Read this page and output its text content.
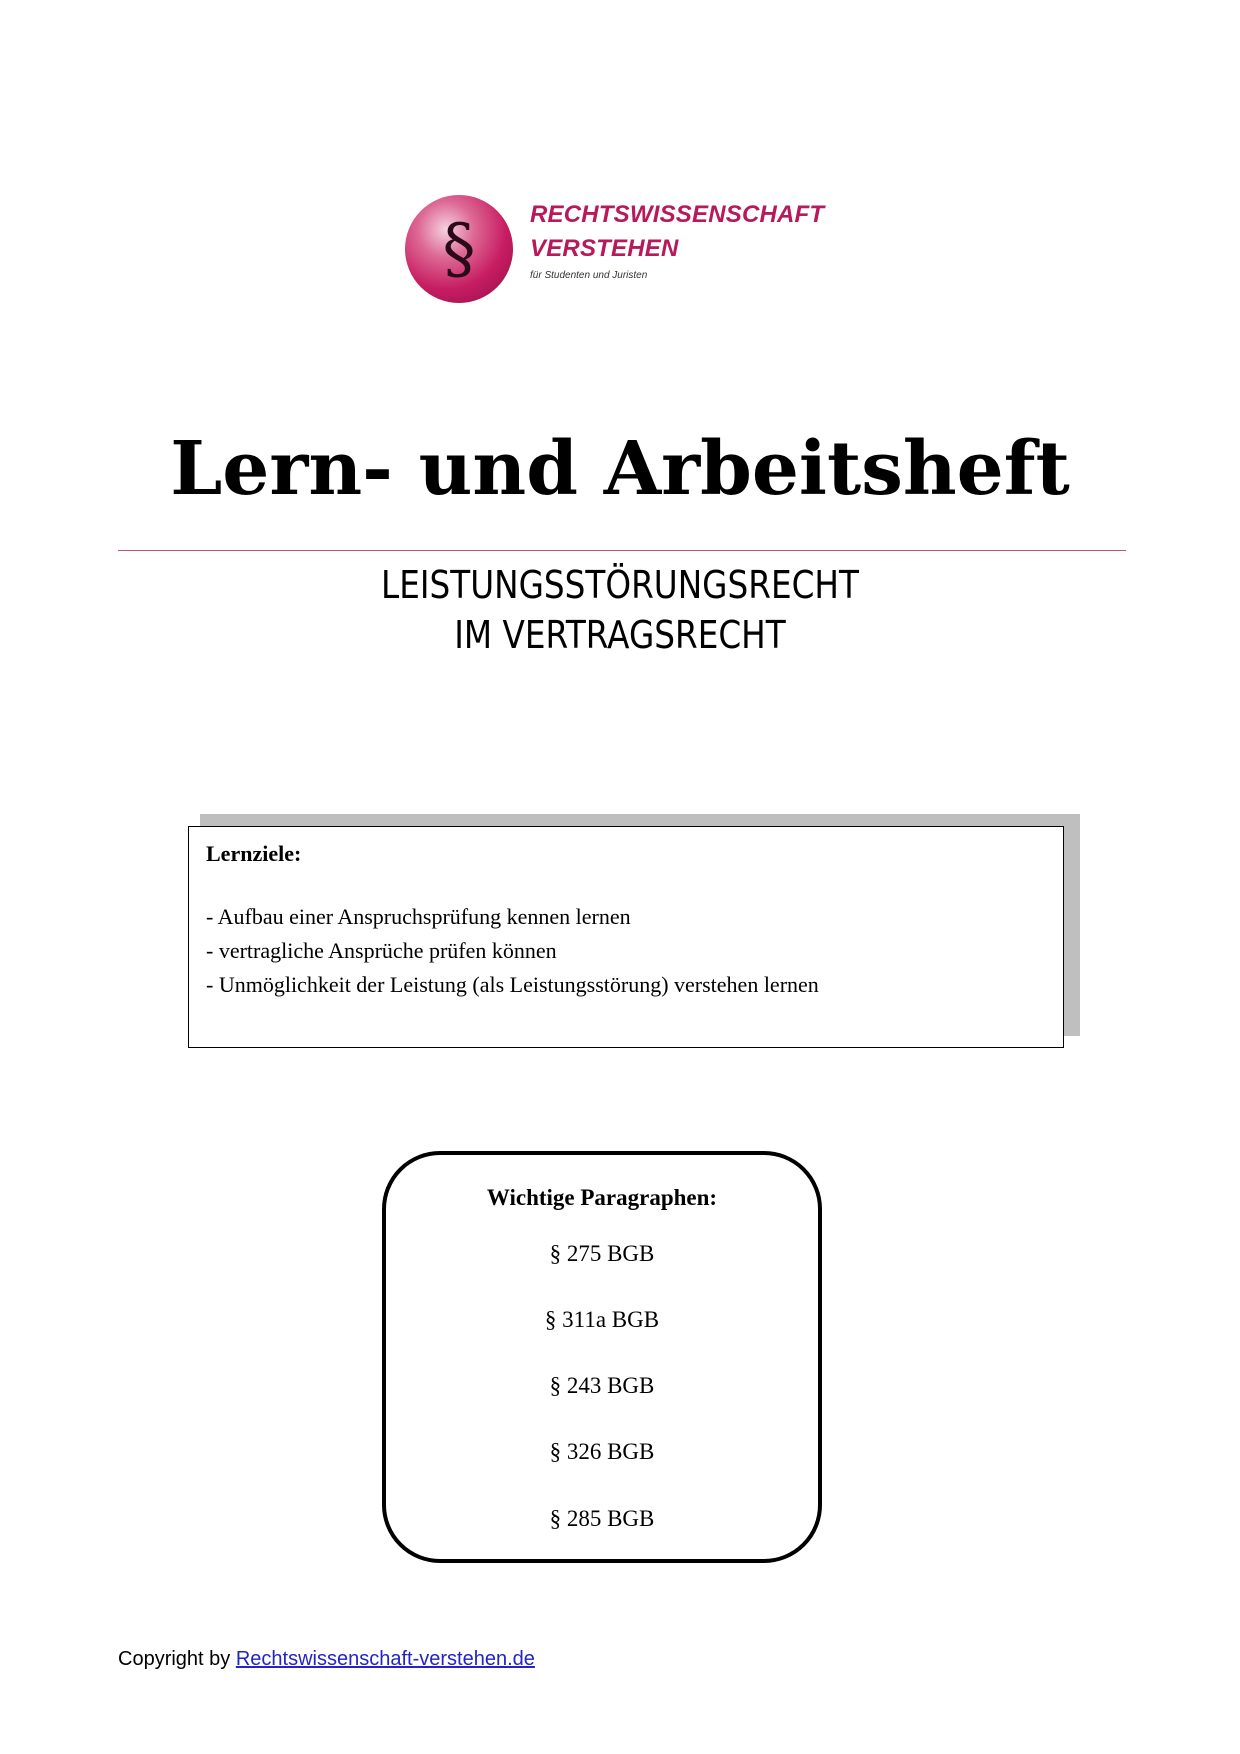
§	RECHTSWISSENSCHAFT
VERSTEHEN
für Studenten und Juristen
Lern- und Arbeitsheft
LEISTUNGSSTÖRUNGSRECHT
IM VERTRAGSRECHT
Lernziele:
- Aufbau einer Anspruchsprüfung kennen lernen
- vertragliche Ansprüche prüfen können
- Unmöglichkeit der Leistung (als Leistungsstörung) verstehen lernen
Wichtige Paragraphen:
§ 275 BGB
§ 311a BGB
§ 243 BGB
§ 326 BGB
§ 285 BGB
Copyright by Rechtswissenschaft-verstehen.de
